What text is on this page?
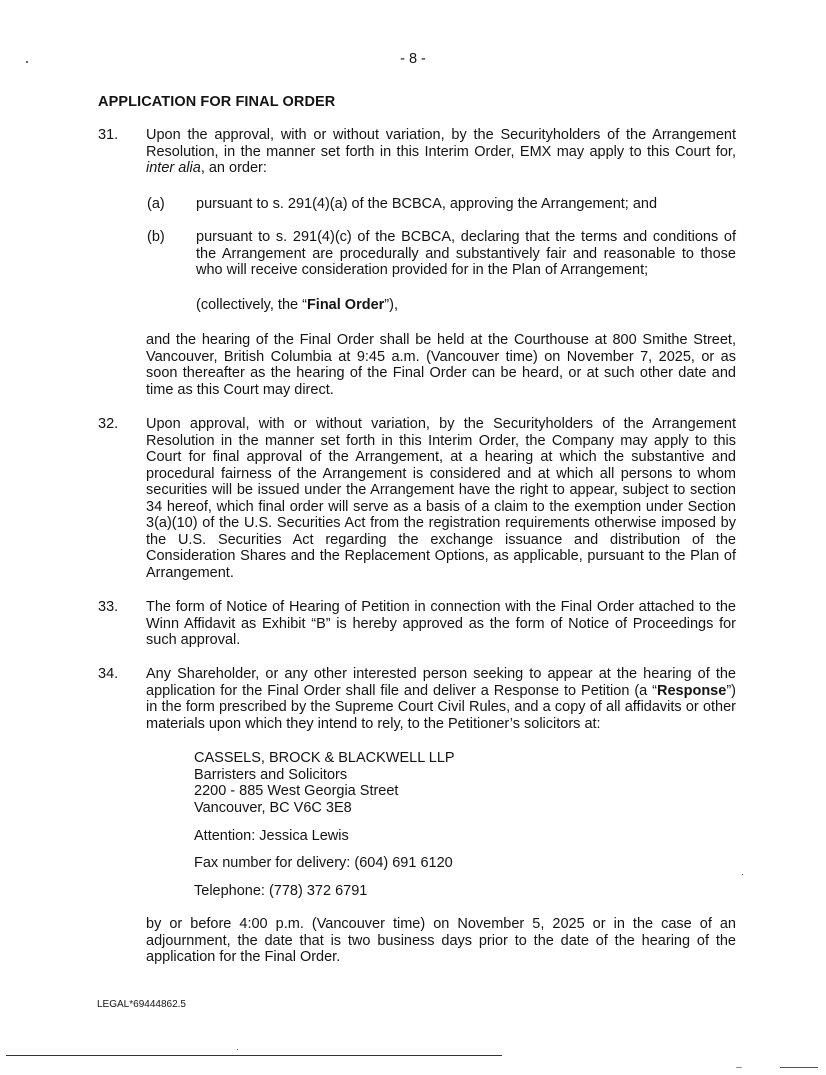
- 8 -
APPLICATION FOR FINAL ORDER
31. Upon the approval, with or without variation, by the Securityholders of the Arrangement Resolution, in the manner set forth in this Interim Order, EMX may apply to this Court for, inter alia, an order:
(a) pursuant to s. 291(4)(a) of the BCBCA, approving the Arrangement; and
(b) pursuant to s. 291(4)(c) of the BCBCA, declaring that the terms and conditions of the Arrangement are procedurally and substantively fair and reasonable to those who will receive consideration provided for in the Plan of Arrangement;
(collectively, the “Final Order”),
and the hearing of the Final Order shall be held at the Courthouse at 800 Smithe Street, Vancouver, British Columbia at 9:45 a.m. (Vancouver time) on November 7, 2025, or as soon thereafter as the hearing of the Final Order can be heard, or at such other date and time as this Court may direct.
32. Upon approval, with or without variation, by the Securityholders of the Arrangement Resolution in the manner set forth in this Interim Order, the Company may apply to this Court for final approval of the Arrangement, at a hearing at which the substantive and procedural fairness of the Arrangement is considered and at which all persons to whom securities will be issued under the Arrangement have the right to appear, subject to section 34 hereof, which final order will serve as a basis of a claim to the exemption under Section 3(a)(10) of the U.S. Securities Act from the registration requirements otherwise imposed by the U.S. Securities Act regarding the exchange issuance and distribution of the Consideration Shares and the Replacement Options, as applicable, pursuant to the Plan of Arrangement.
33. The form of Notice of Hearing of Petition in connection with the Final Order attached to the Winn Affidavit as Exhibit “B” is hereby approved as the form of Notice of Proceedings for such approval.
34. Any Shareholder, or any other interested person seeking to appear at the hearing of the application for the Final Order shall file and deliver a Response to Petition (a “Response”) in the form prescribed by the Supreme Court Civil Rules, and a copy of all affidavits or other materials upon which they intend to rely, to the Petitioner’s solicitors at:
CASSELS, BROCK & BLACKWELL LLP
Barristers and Solicitors
2200 - 885 West Georgia Street
Vancouver, BC V6C 3E8
Attention: Jessica Lewis
Fax number for delivery: (604) 691 6120
Telephone: (778) 372 6791
by or before 4:00 p.m. (Vancouver time) on November 5, 2025 or in the case of an adjournment, the date that is two business days prior to the date of the hearing of the application for the Final Order.
LEGAL*69444862.5
